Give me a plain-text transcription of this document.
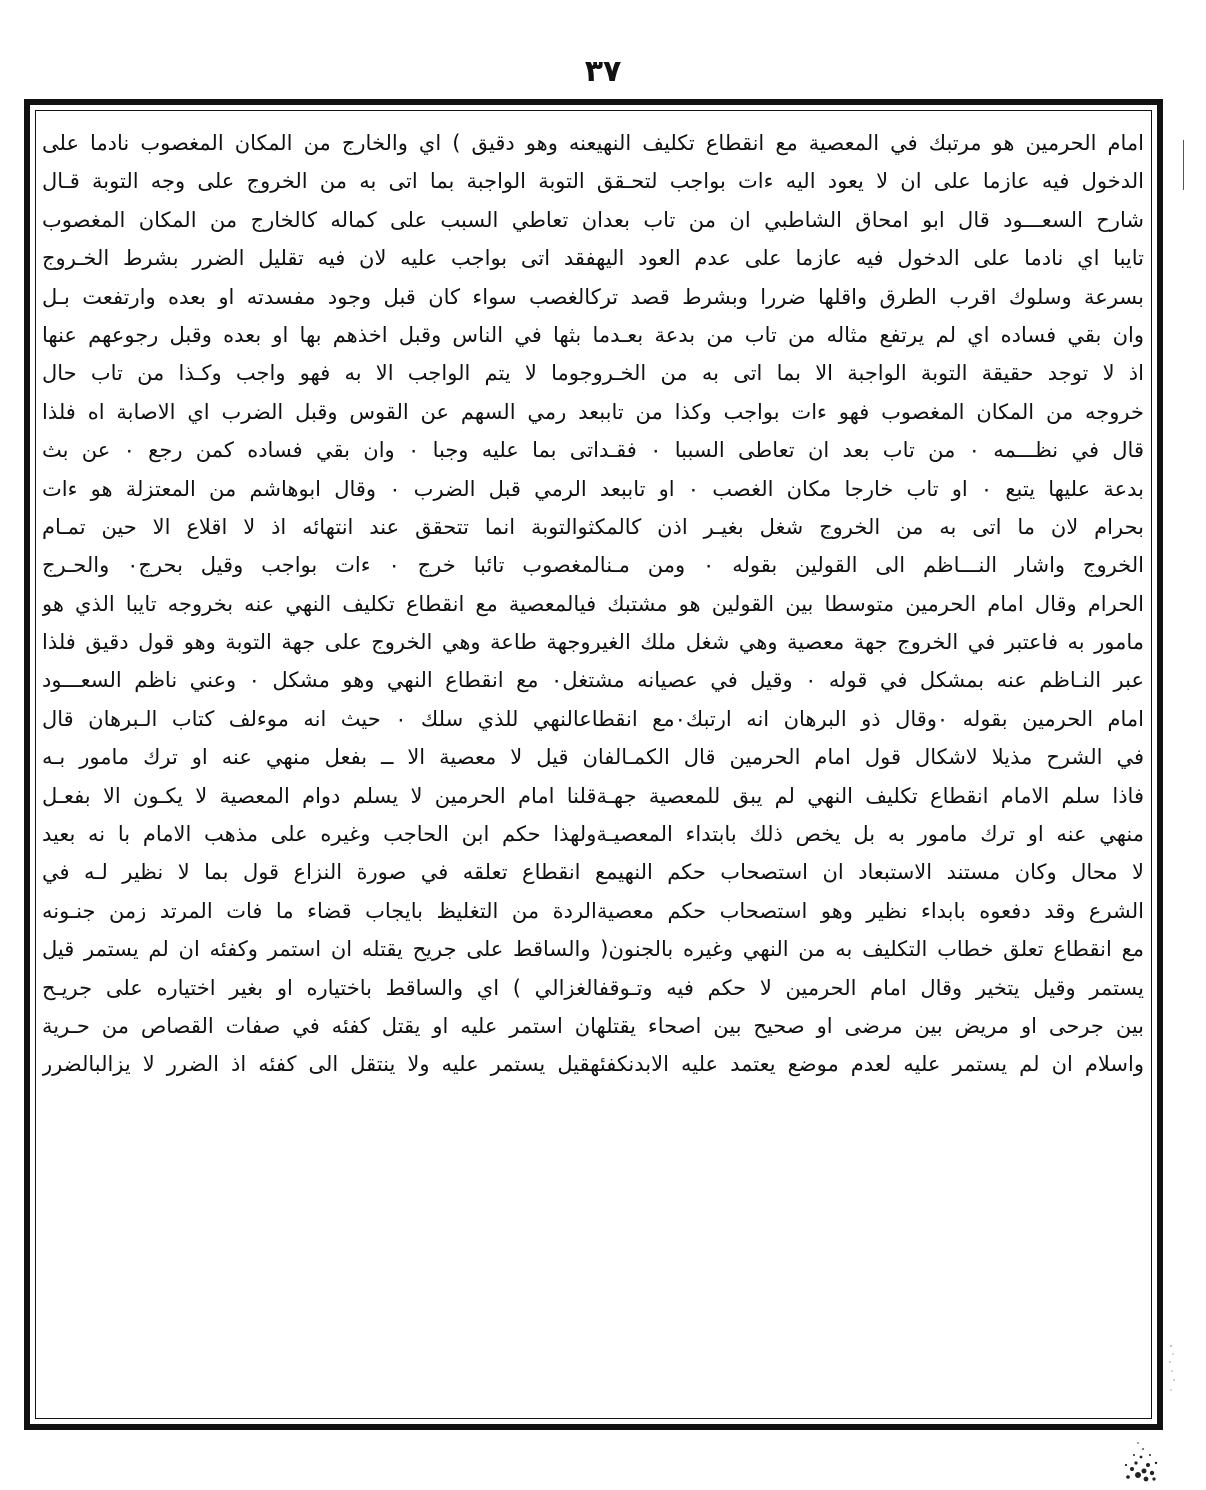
٣٧
امام الحرمين هو مرتبك في المعصية مع انقطاع تكليف النهيعنه وهو دقيق ) اي والخارج من المكان المغصوب نادما على
الدخول فيه عازما على ان لا يعود اليه ءات بواجب لتحـقق التوبة الواجبة بما اتى به من الخروج على وجه التوبة قـال
شارح السعـــود قال ابو امحاق الشاطبي ان من تاب بعدان تعاطي السبب على كماله كالخارج من المكان المغصوب
تايبا اي نادما على الدخول فيه عازما على عدم العود اليهفقد اتى بواجب عليه لان فيه تقليل الضرر بشرط الخـروج
بسرعة وسلوك اقرب الطرق واقلها ضررا وبشرط قصد تركالغصب سواء كان قبل وجود مفسدته او بعده وارتفعت بـل
وان بقي فساده اي لم يرتفع مثاله من تاب من بدعة بعـدما بثها في الناس وقبل اخذهم بها او بعده وقبل رجوعهم عنها
اذ لا توجد حقيقة التوبة الواجبة الا بما اتى به من الخـروجوما لا يتم الواجب الا به فهو واجب وكـذا من تاب حال
خروجه من المكان المغصوب فهو ءات بواجب وكذا من تاببعد رمي السهم عن القوس وقبل الضرب اي الاصابة اه فلذا
قال في نظـــمه ٠ من تاب بعد ان تعاطى السببا ٠ فقـداتى بما عليه وجبا ٠ وان بقي فساده كمن رجع ٠ عن بث
بدعة عليها يتبع ٠ او تاب خارجا مكان الغصب ٠ او تاببعد الرمي قبل الضرب ٠ وقال ابوهاشم من المعتزلة هو ءات
بحرام لان ما اتى به من الخروج شغل بغيـر اذن كالمكثوالتوبة انما تتحقق عند انتهائه اذ لا اقلاع الا حين تمـام
الخروج واشار النـــاظم الى القولين بقوله ٠ ومن مـنالمغصوب تائبا خرج ٠ ءات بواجب وقيل بحرج٠ والحـرج
الحرام وقال امام الحرمين متوسطا بين القولين هو مشتبك فيالمعصية مع انقطاع تكليف النهي عنه بخروجه تايبا الذي هو
مامور به فاعتبر في الخروج جهة معصية وهي شغل ملك الغيروجهة طاعة وهي الخروج على جهة التوبة وهو قول دقيق فلذا
عبر النـاظم عنه بمشكل في قوله ٠ وقيل في عصيانه مشتغل٠ مع انقطاع النهي وهو مشكل ٠ وعني ناظم السعـــود
امام الحرمين بقوله ٠وقال ذو البرهان انه ارتبك٠مع انقطاعالنهي للذي سلك ٠ حيث انه موءلف كتاب الـبرهان قال
في الشرح مذيلا لاشكال قول امام الحرمين قال الكمـالفان قيل لا معصية الا ــ بفعل منهي عنه او ترك مامور بـه
فاذا سلم الامام انقطاع تكليف النهي لم يبق للمعصية جهـةقلنا امام الحرمين لا يسلم دوام المعصية لا يكـون الا بفعـل
منهي عنه او ترك مامور به بل يخص ذلك بابتداء المعصيـةولهذا حكم ابن الحاجب وغيره على مذهب الامام با نه بعيد
لا محال وكان مستند الاستبعاد ان استصحاب حكم النهيمع انقطاع تعلقه في صورة النزاع قول بما لا نظير لـه في
الشرع وقد دفعوه بابداء نظير وهو استصحاب حكم معصيةالردة من التغليظ بايجاب قضاء ما فات المرتد زمن جنـونه
مع انقطاع تعلق خطاب التكليف به من النهي وغيره بالجنون( والساقط على جريح يقتله ان استمر وكفئه ان لم يستمر قيل
يستمر وقيل يتخير وقال امام الحرمين لا حكم فيه وتـوقفالغزالي ) اي والساقط باختياره او بغير اختياره على جريـح
بين جرحى او مريض بين مرضى او صحيح بين اصحاء يقتلهان استمر عليه او يقتل كفئه في صفات القصاص من حـرية
واسلام ان لم يستمر عليه لعدم موضع يعتمد عليه الابدنكفئهقيل يستمر عليه ولا ينتقل الى كفئه اذ الضرر لا يزالبالضرر
